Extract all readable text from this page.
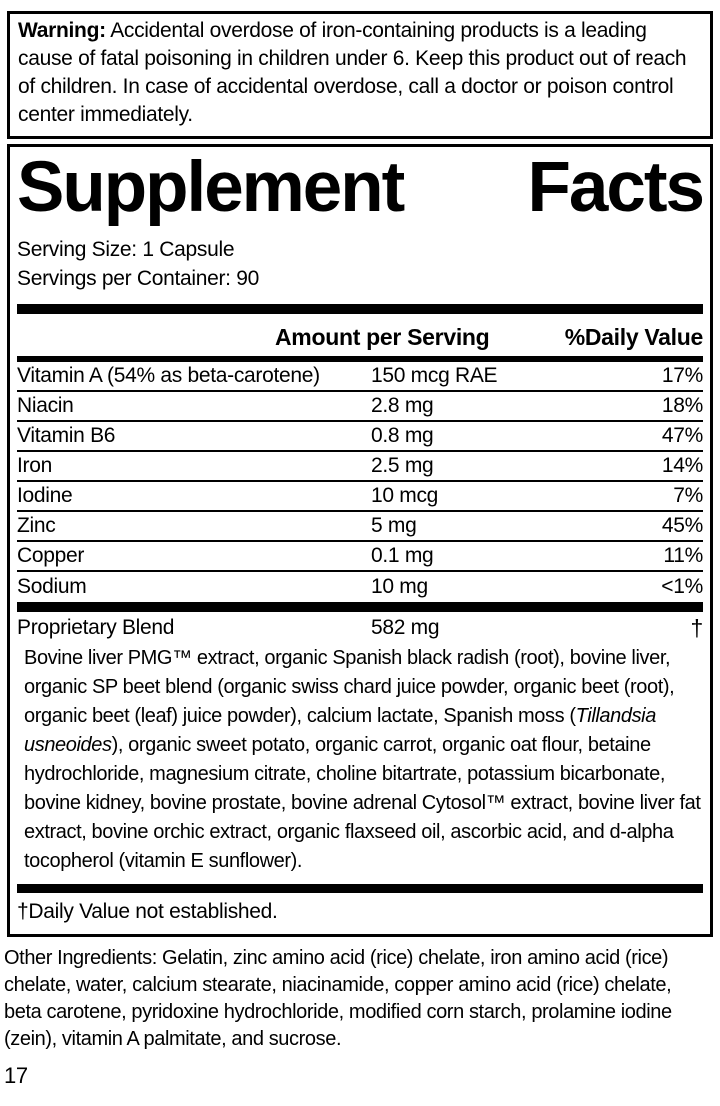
Warning: Accidental overdose of iron-containing products is a leading cause of fatal poisoning in children under 6. Keep this product out of reach of children. In case of accidental overdose, call a doctor or poison control center immediately.

Supplement Facts
Serving Size: 1 Capsule
Servings per Container: 90
Amount per Serving	%Daily Value
Vitamin A (54% as beta-carotene)	150 mcg RAE	17%
Niacin	2.8 mg	18%
Vitamin B6	0.8 mg	47%
Iron	2.5 mg	14%
Iodine	10 mcg	7%
Zinc	5 mg	45%
Copper	0.1 mg	11%
Sodium	10 mg	<1%
Proprietary Blend	582 mg	†
Bovine liver PMG™ extract, organic Spanish black radish (root), bovine liver, organic SP beet blend (organic swiss chard juice powder, organic beet (root), organic beet (leaf) juice powder), calcium lactate, Spanish moss (Tillandsia usneoides), organic sweet potato, organic carrot, organic oat flour, betaine hydrochloride, magnesium citrate, choline bitartrate, potassium bicarbonate, bovine kidney, bovine prostate, bovine adrenal Cytosol™ extract, bovine liver fat extract, bovine orchic extract, organic flaxseed oil, ascorbic acid, and d-alpha tocopherol (vitamin E sunflower).
†Daily Value not established.

Other Ingredients: Gelatin, zinc amino acid (rice) chelate, iron amino acid (rice) chelate, water, calcium stearate, niacinamide, copper amino acid (rice) chelate, beta carotene, pyridoxine hydrochloride, modified corn starch, prolamine iodine (zein), vitamin A palmitate, and sucrose.

17
